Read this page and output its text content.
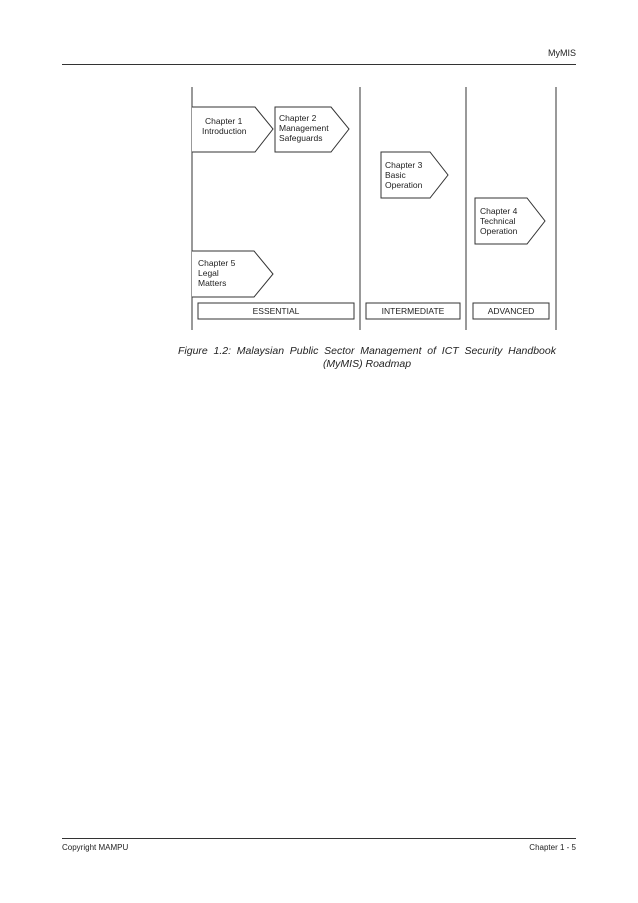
MyMIS
Chapter 1
Introduction
Chapter 2
Management
Safeguards
Chapter 3
Basic
Operation
Chapter 4
Technical
Operation
Chapter 5
Legal
Matters
ESSENTIAL	INTERMEDIATE	ADVANCED
Figure 1.2: Malaysian Public Sector Management of ICT Security Handbook
(MyMIS) Roadmap
Copyright MAMPU	Chapter 1 - 5
